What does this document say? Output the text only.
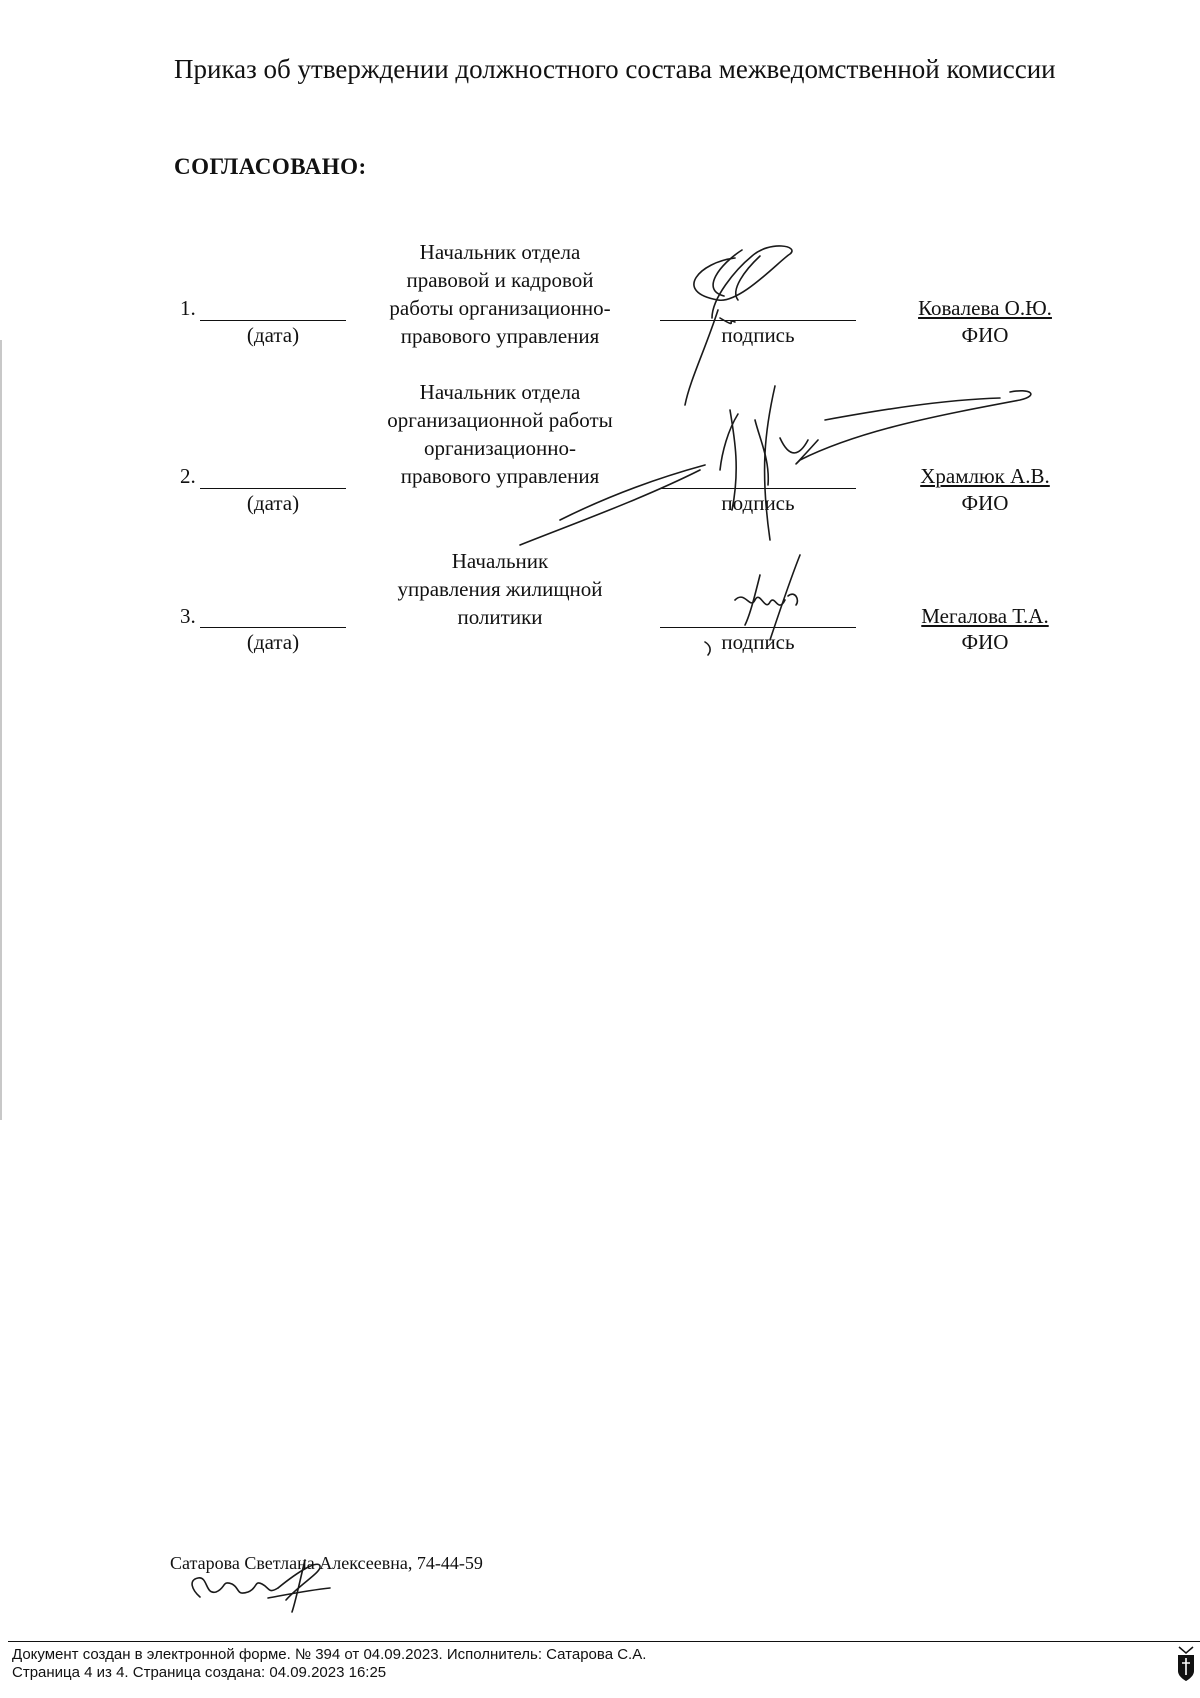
Приказ об утверждении должностного состава межведомственной комиссии
СОГЛАСОВАНО:
1.
(дата)
Начальник отдела
правовой и кадровой
работы организационно-
правового управления	подпись
Ковалева О.Ю.
ФИО
2.
(дата)
Начальник отдела
организационной работы
организационно-
правового управления
подпись
Храмлюк А.В.
ФИО
3.
(дата)
Начальник
управления жилищной
политики
подпись
Мегалова Т.А.
ФИО
Сатарова Светлана Алексеевна, 74-44-59
Документ создан в электронной форме. № 394 от 04.09.2023. Исполнитель: Сатарова С.А.
Страница 4 из 4. Страница создана: 04.09.2023 16:25
